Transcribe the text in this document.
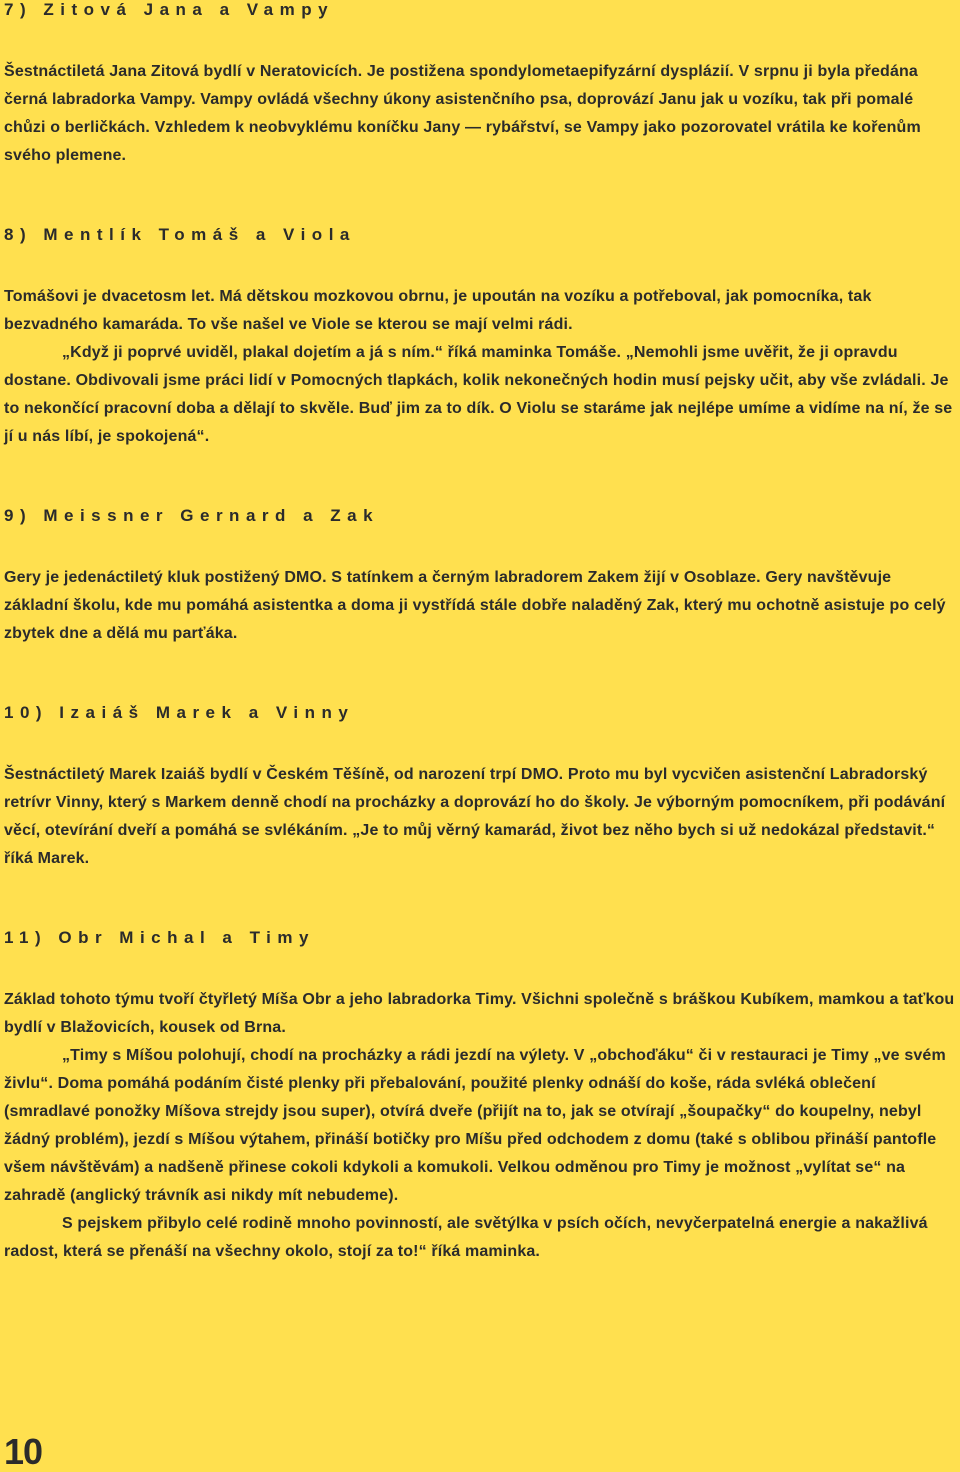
7) Zitová Jana a Vampy

Šestnáctiletá Jana Zitová bydlí v Neratovicích. Je postižena spondylometaepifyzární dysplázií. V srpnu ji byla předána černá labradorka Vampy. Vampy ovládá všechny úkony asistenčního psa, doprovází Janu jak u vozíku, tak při pomalé chůzi o berličkách. Vzhledem k neobvyklému koníčku Jany — rybářství, se Vampy jako pozorovatel vrátila ke kořenům svého plemene.

8) Mentlík Tomáš a Viola

Tomášovi je dvacetosm let. Má dětskou mozkovou obrnu, je upoután na vozíku a potřeboval, jak pomocníka, tak bezvadného kamaráda. To vše našel ve Viole se kterou se mají velmi rádi.

„Když ji poprvé uviděl, plakal dojetím a já s ním.“ říká maminka Tomáše. „Nemohli jsme uvěřit, že ji opravdu dostane. Obdivovali jsme práci lidí v Pomocných tlapkách, kolik nekonečných hodin musí pejsky učit, aby vše zvládali. Je to nekončící pracovní doba a dělají to skvěle. Buď jim za to dík. O Violu se staráme jak nejlépe umíme a vidíme na ní, že se jí u nás líbí, je spokojená“.

9) Meissner Gernard a Zak

Gery je jedenáctiletý kluk postižený DMO. S tatínkem a černým labradorem Zakem žijí v Osoblaze. Gery navštěvuje základní školu, kde mu pomáhá asistentka a doma ji vystřídá stále dobře naladěný Zak, který mu ochotně asistuje po celý zbytek dne a dělá mu parťáka.

10) Izaiáš Marek a Vinny

Šestnáctiletý Marek Izaiáš bydlí v Českém Těšíně, od narození trpí DMO. Proto mu byl vycvičen asistenční Labradorský retrívr Vinny, který s Markem denně chodí na procházky a doprovází ho do školy. Je výborným pomocníkem, při podávání věcí, otevírání dveří a pomáhá se svlékáním. „Je to můj věrný kamarád, život bez něho bych si už nedokázal představit.“ říká Marek.

11) Obr Michal a Timy

Základ tohoto týmu tvoří čtyřletý Míša Obr a jeho labradorka Timy. Všichni společně s bráškou Kubíkem, mamkou a taťkou bydlí v Blažovicích, kousek od Brna.

„Timy s Míšou polohují, chodí na procházky a rádi jezdí na výlety. V „obchoďáku“ či v restauraci je Timy „ve svém živlu“. Doma pomáhá podáním čisté plenky při přebalování, použité plenky odnáší do koše, ráda svléká oblečení (smradlavé ponožky Míšova strejdy jsou super), otvírá dveře (přijít na to, jak se otvírají „šoupačky“ do koupelny, nebyl žádný problém), jezdí s Míšou výtahem, přináší botičky pro Míšu před odchodem z domu (také s oblibou přináší pantofle všem návštěvám) a nadšeně přinese cokoli kdykoli a komukoli. Velkou odměnou pro Timy je možnost „vylítat se“ na zahradě (anglický trávník asi nikdy mít nebudeme).

S pejskem přibylo celé rodině mnoho povinností, ale světýlka v psích očích, nevyčerpatelná energie a nakažlivá radost, která se přenáší na všechny okolo, stojí za to!“ říká maminka.

10
